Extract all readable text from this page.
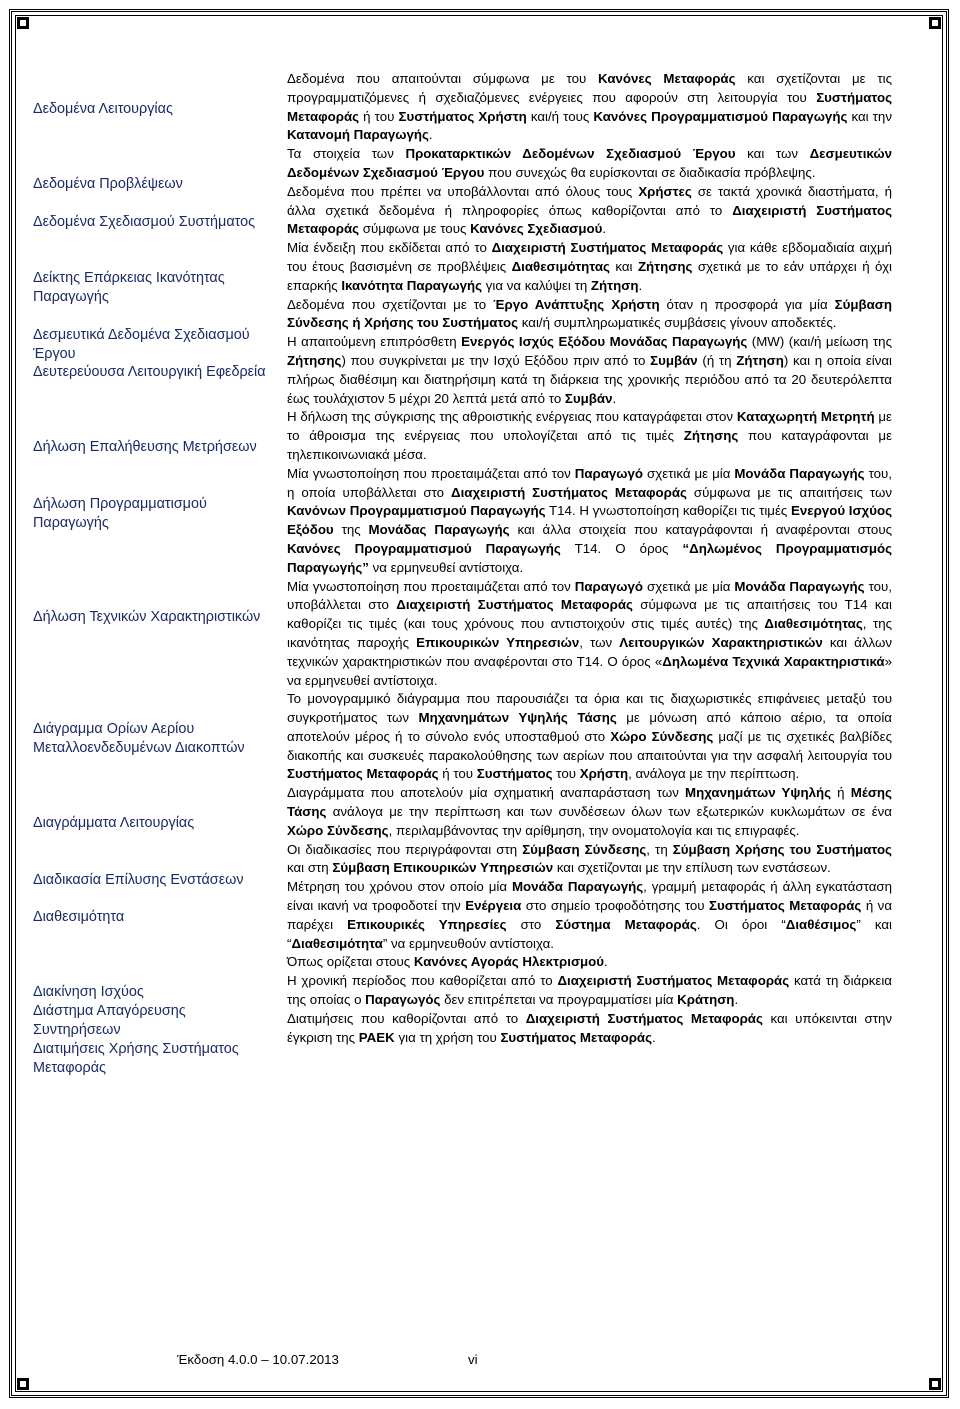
Δεδομένα Λειτουργίας
Δεδομένα Προβλέψεων
Δεδομένα Σχεδιασμού Συστήματος
Δείκτης Επάρκειας Ικανότητας Παραγωγής
Δεσμευτικά Δεδομένα Σχεδιασμού Έργου
Δευτερεύουσα Λειτουργική Εφεδρεία
Δήλωση Επαλήθευσης Μετρήσεων
Δήλωση Προγραμματισμού Παραγωγής
Δήλωση Τεχνικών Χαρακτηριστικών
Διάγραμμα Ορίων Αερίου Μεταλλοενδεδυμένων Διακοπτών
Διαγράμματα Λειτουργίας
Διαδικασία Επίλυσης Ενστάσεων
Διαθεσιμότητα
Διακίνηση Ισχύος
Διάστημα Απαγόρευσης Συντηρήσεων
Διατιμήσεις Χρήσης Συστήματος Μεταφοράς
Δεδομένα που απαιτούνται σύμφωνα με του Κανόνες Μεταφοράς και σχετίζονται με τις προγραμματιζόμενες ή σχεδιαζόμενες ενέργειες που αφορούν στη λειτουργία του Συστήματος Μεταφοράς ή του Συστήματος Χρήστη και/ή τους Κανόνες Προγραμματισμού Παραγωγής και την Κατανομή Παραγωγής.
Τα στοιχεία των Προκαταρκτικών Δεδομένων Σχεδιασμού Έργου και των Δεσμευτικών Δεδομένων Σχεδιασμού Έργου που συνεχώς θα ευρίσκονται σε διαδικασία πρόβλεψης.
Δεδομένα που πρέπει να υποβάλλονται από όλους τους Χρήστες σε τακτά χρονικά διαστήματα, ή άλλα σχετικά δεδομένα ή πληροφορίες όπως καθορίζονται από το Διαχειριστή Συστήματος Μεταφοράς σύμφωνα με τους Κανόνες Σχεδιασμού.
Μία ένδειξη που εκδίδεται από το Διαχειριστή Συστήματος Μεταφοράς για κάθε εβδομαδιαία αιχμή του έτους βασισμένη σε προβλέψεις Διαθεσιμότητας και Ζήτησης σχετικά με το εάν υπάρχει ή όχι επαρκής Ικανότητα Παραγωγής για να καλύψει τη Ζήτηση.
Δεδομένα που σχετίζονται με το Έργο Ανάπτυξης Χρήστη όταν η προσφορά για μία Σύμβαση Σύνδεσης ή Χρήσης του Συστήματος και/ή συμπληρωματικές συμβάσεις γίνουν αποδεκτές.
Η απαιτούμενη επιπρόσθετη Ενεργός Ισχύς Εξόδου Μονάδας Παραγωγής (MW) (και/ή μείωση της Ζήτησης) που συγκρίνεται με την Ισχύ Εξόδου πριν από το Συμβάν (ή τη Ζήτηση) και η οποία είναι πλήρως διαθέσιμη και διατηρήσιμη κατά τη διάρκεια της χρονικής περιόδου από τα 20 δευτερόλεπτα έως τουλάχιστον 5 μέχρι 20 λεπτά μετά από το Συμβάν.
Η δήλωση της σύγκρισης της αθροιστικής ενέργειας που καταγράφεται στον Καταχωρητή Μετρητή με το άθροισμα της ενέργειας που υπολογίζεται από τις τιμές Ζήτησης που καταγράφονται με τηλεπικοινωνιακά μέσα.
Μία γνωστοποίηση που προεταιμάζεται από τον Παραγωγό σχετικά με μία Μονάδα Παραγωγής του, η οποία υποβάλλεται στο Διαχειριστή Συστήματος Μεταφοράς σύμφωνα με τις απαιτήσεις των Κανόνων Προγραμματισμού Παραγωγής Τ14. Η γνωστοποίηση καθορίζει τις τιμές Ενεργού Ισχύος Εξόδου της Μονάδας Παραγωγής και άλλα στοιχεία που καταγράφονται ή αναφέρονται στους Κανόνες Προγραμματισμού Παραγωγής Τ14. Ο όρος “Δηλωμένος Προγραμματισμός Παραγωγής” να ερμηνευθεί αντίστοιχα.
Μία γνωστοποίηση που προεταιμάζεται από τον Παραγωγό σχετικά με μία Μονάδα Παραγωγής του, υποβάλλεται στο Διαχειριστή Συστήματος Μεταφοράς σύμφωνα με τις απαιτήσεις του Τ14 και καθορίζει τις τιμές (και τους χρόνους που αντιστοιχούν στις τιμές αυτές) της Διαθεσιμότητας, της ικανότητας παροχής Επικουρικών Υπηρεσιών, των Λειτουργικών Χαρακτηριστικών και άλλων τεχνικών χαρακτηριστικών που αναφέρονται στο Τ14. Ο όρος «Δηλωμένα Τεχνικά Χαρακτηριστικά» να ερμηνευθεί αντίστοιχα.
Το μονογραμμικό διάγραμμα που παρουσιάζει τα όρια και τις διαχωριστικές επιφάνειες μεταξύ του συγκροτήματος των Μηχανημάτων Υψηλής Τάσης με μόνωση από κάποιο αέριο, τα οποία αποτελούν μέρος ή το σύνολο ενός υποσταθμού στο Χώρο Σύνδεσης μαζί με τις σχετικές βαλβίδες διακοπής και συσκευές παρακολούθησης των αερίων που απαιτούνται για την ασφαλή λειτουργία του Συστήματος Μεταφοράς ή του Συστήματος του Χρήστη, ανάλογα με την περίπτωση.
Διαγράμματα που αποτελούν μία σχηματική αναπαράσταση των Μηχανημάτων Υψηλής ή Μέσης Τάσης ανάλογα με την περίπτωση και των συνδέσεων όλων των εξωτερικών κυκλωμάτων σε ένα Χώρο Σύνδεσης, περιλαμβάνοντας την αρίθμηση, την ονοματολογία και τις επιγραφές.
Οι διαδικασίες που περιγράφονται στη Σύμβαση Σύνδεσης, τη Σύμβαση Χρήσης του Συστήματος και στη Σύμβαση Επικουρικών Υπηρεσιών και σχετίζονται με την επίλυση των ενστάσεων.
Μέτρηση του χρόνου στον οποίο μία Μονάδα Παραγωγής, γραμμή μεταφοράς ή άλλη εγκατάσταση είναι ικανή να τροφοδοτεί την Ενέργεια στο σημείο τροφοδότησης του Συστήματος Μεταφοράς ή να παρέχει Επικουρικές Υπηρεσίες στο Σύστημα Μεταφοράς. Οι όροι “Διαθέσιμος” και “Διαθεσιμότητα” να ερμηνευθούν αντίστοιχα.
Όπως ορίζεται στους Κανόνες Αγοράς Ηλεκτρισμού.
Η χρονική περίοδος που καθορίζεται από το Διαχειριστή Συστήματος Μεταφοράς κατά τη διάρκεια της οποίας ο Παραγωγός δεν επιτρέπεται να προγραμματίσει μία Κράτηση.
Διατιμήσεις που καθορίζονται από το Διαχειριστή Συστήματος Μεταφοράς και υπόκεινται στην έγκριση της ΡΑΕΚ για τη χρήση του Συστήματος Μεταφοράς.
Έκδοση 4.0.0 – 10.07.2013	vi
